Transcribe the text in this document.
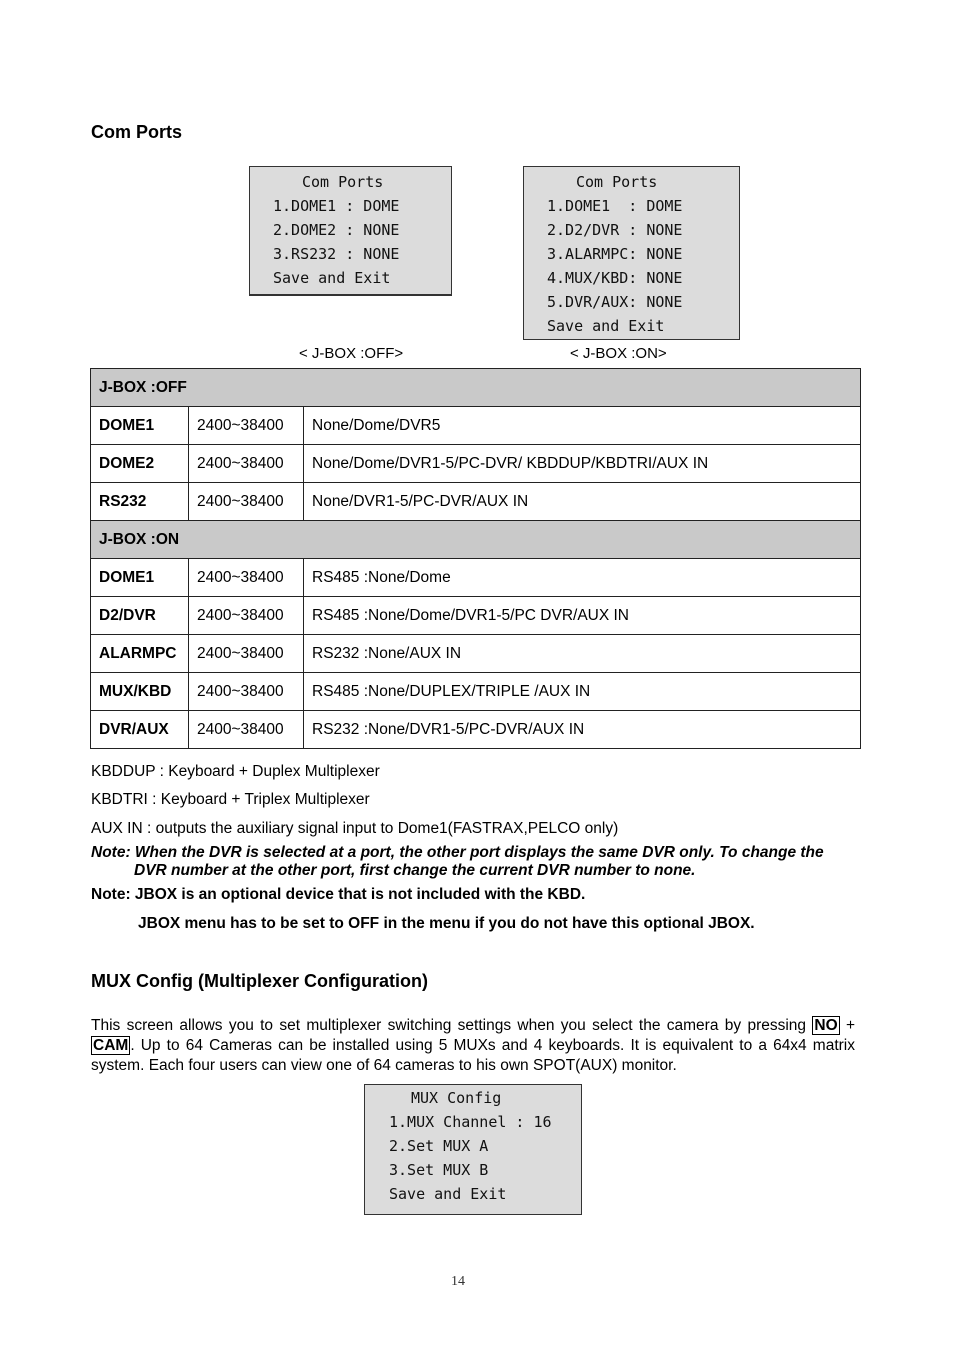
Com Ports
Com Ports
1.DOME1 : DOME
2.DOME2 : NONE
3.RS232 : NONE
Save and Exit
Com Ports
1.DOME1  : DOME
2.D2/DVR : NONE
3.ALARMPC: NONE
4.MUX/KBD: NONE
5.DVR/AUX: NONE
Save and Exit
< J-BOX :OFF>	< J-BOX :ON>
J-BOX :OFF		
DOME1	2400~38400	None/Dome/DVR5
DOME2	2400~38400	None/Dome/DVR1-5/PC-DVR/ KBDDUP/KBDTRI/AUX IN
RS232	2400~38400	None/DVR1-5/PC-DVR/AUX IN
J-BOX :ON		
DOME1	2400~38400	RS485 :None/Dome
D2/DVR	2400~38400	RS485 :None/Dome/DVR1-5/PC DVR/AUX IN
ALARMPC	2400~38400	RS232 :None/AUX IN
MUX/KBD	2400~38400	RS485 :None/DUPLEX/TRIPLE /AUX IN
DVR/AUX	2400~38400	RS232 :None/DVR1-5/PC-DVR/AUX IN
KBDDUP : Keyboard + Duplex Multiplexer
KBDTRI : Keyboard + Triplex Multiplexer
AUX IN : outputs the auxiliary signal input to Dome1(FASTRAX,PELCO only)
Note: When the DVR is selected at a port, the other port displays the same DVR only. To change the
DVR number at the other port, first change the current DVR number to none.
Note: JBOX is an optional device that is not included with the KBD.
JBOX menu has to be set to OFF in the menu if you do not have this optional JBOX.
MUX Config (Multiplexer Configuration)
This screen allows you to set multiplexer switching settings when you select the camera by pressing NO + CAM . Up to 64 Cameras can be installed using 5 MUXs and 4 keyboards. It is equivalent to a 64x4 matrix system. Each four users can view one of 64 cameras to his own SPOT(AUX) monitor.
MUX Config
1.MUX Channel : 16
2.Set MUX A
3.Set MUX B
Save and Exit
14
